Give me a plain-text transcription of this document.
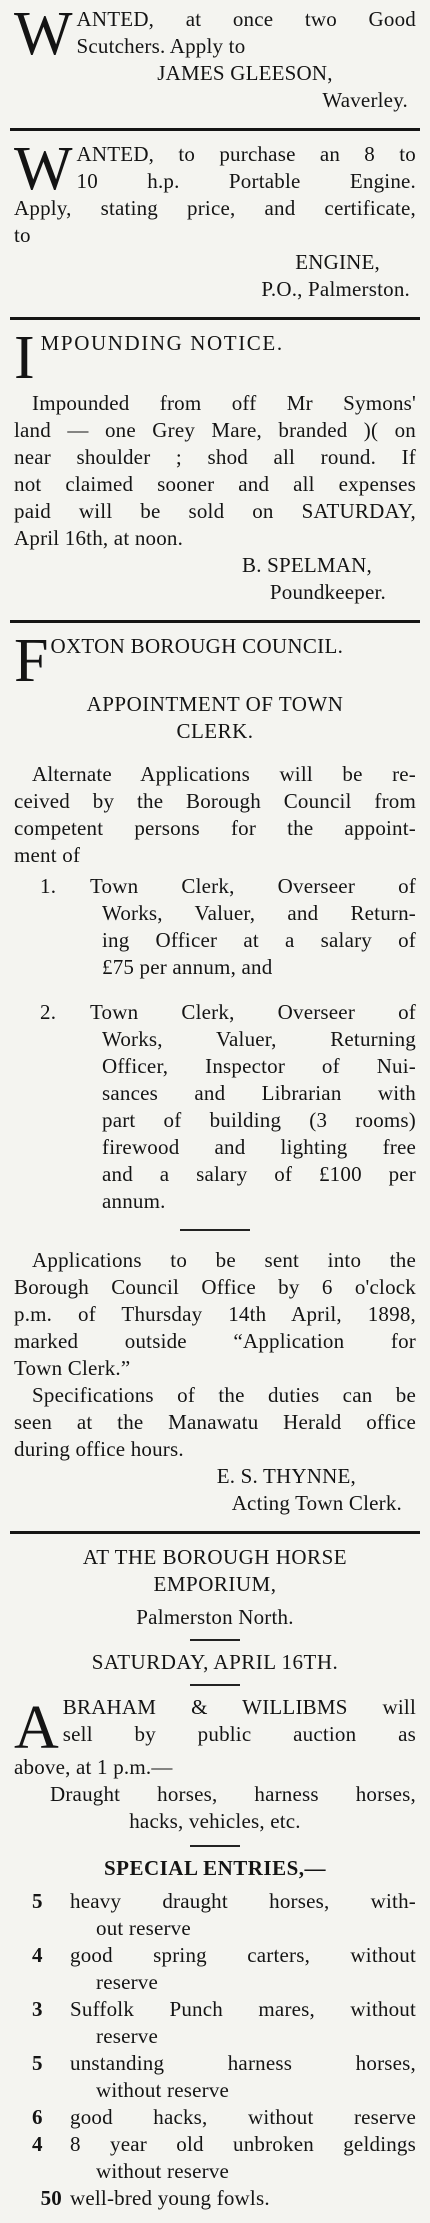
W ANTED, at once two Good
Scutchers. Apply to
JAMES GLEESON,
Waverley.
W ANTED, to purchase an 8 to
10 h.p. Portable Engine.
Apply, stating price, and certificate,
to
ENGINE,
P.O., Palmerston.
I MPOUNDING NOTICE.
Impounded from off Mr Symons'
land — one Grey Mare, branded )( on
near shoulder ; shod all round. If
not claimed sooner and all expenses
paid will be sold on SATURDAY,
April 16th, at noon.
B. SPELMAN,
Poundkeeper.
F OXTON BOROUGH COUNCIL.
APPOINTMENT OF TOWN
CLERK.
Alternate Applications will be re-
ceived by the Borough Council from
competent persons for the appoint-
ment of
1. Town Clerk, Overseer of
Works, Valuer, and Return-
ing Officer at a salary of
£75 per annum, and
2. Town Clerk, Overseer of
Works, Valuer, Returning
Officer, Inspector of Nui-
sances and Librarian with
part of building (3 rooms)
firewood and lighting free
and a salary of £100 per
annum.
Applications to be sent into the
Borough Council Office by 6 o'clock
p.m. of Thursday 14th April, 1898,
marked outside “Application for
Town Clerk.”
Specifications of the duties can be
seen at the Manawatu Herald office
during office hours.
E. S. THYNNE,
Acting Town Clerk.
AT THE BOROUGH HORSE
EMPORIUM,
Palmerston North.
SATURDAY, APRIL 16TH.
A BRAHAM & WILLIBMS will
sell by public auction as
above, at 1 p.m.—
Draught horses, harness horses,
hacks, vehicles, etc.
SPECIAL ENTRIES,—
5 heavy draught horses, with-
out reserve
4 good spring carters, without
reserve
3 Suffolk Punch mares, without
reserve
5 unstanding harness horses,
without reserve
6 good hacks, without reserve
4 8 year old unbroken geldings
without reserve
50 well-bred young fowls.
